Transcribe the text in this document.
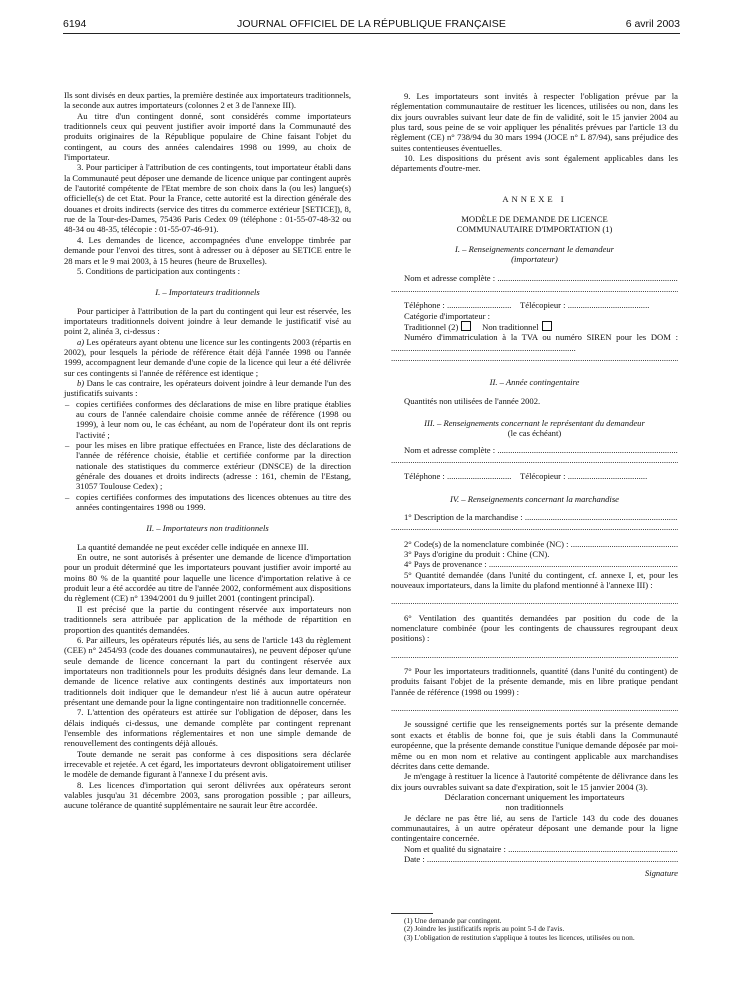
6194	JOURNAL OFFICIEL DE LA RÉPUBLIQUE FRANÇAISE	6 avril 2003

Ils sont divisés en deux parties, la première destinée aux importateurs traditionnels, la seconde aux autres importateurs (colonnes 2 et 3 de l'annexe III).

Au titre d'un contingent donné, sont considérés comme importateurs traditionnels ceux qui peuvent justifier avoir importé dans la Communauté des produits originaires de la République populaire de Chine faisant l'objet du contingent, au cours des années calendaires 1998 ou 1999, au choix de l'importateur.

3. Pour participer à l'attribution de ces contingents, tout importateur établi dans la Communauté peut déposer une demande de licence unique par contingent auprès de l'autorité compétente de l'Etat membre de son choix dans la (ou les) langue(s) officielle(s) de cet Etat. Pour la France, cette autorité est la direction générale des douanes et droits indirects (service des titres du commerce extérieur [SETICE]), 8, rue de la Tour-des-Dames, 75436 Paris Cedex 09 (téléphone : 01-55-07-48-32 ou 48-34 ou 48-35, télécopie : 01-55-07-46-91).

4. Les demandes de licence, accompagnées d'une enveloppe timbrée par demande pour l'envoi des titres, sont à adresser ou à déposer au SETICE entre le 28 mars et le 9 mai 2003, à 15 heures (heure de Bruxelles).

5. Conditions de participation aux contingents :

I. – Importateurs traditionnels

Pour participer à l'attribution de la part du contingent qui leur est réservée, les importateurs traditionnels doivent joindre à leur demande le justificatif visé au point 2, alinéa 3, ci-dessus :

a) Les opérateurs ayant obtenu une licence sur les contingents 2003 (répartis en 2002), pour lesquels la période de référence était déjà l'année 1998 ou l'année 1999, accompagnent leur demande d'une copie de la licence qui leur a été délivrée sur ces contingents si l'année de référence est identique ;

b) Dans le cas contraire, les opérateurs doivent joindre à leur demande l'un des justificatifs suivants :

– copies certifiées conformes des déclarations de mise en libre pratique établies au cours de l'année calendaire choisie comme année de référence (1998 ou 1999), à leur nom ou, le cas échéant, au nom de l'opérateur dont ils ont repris l'activité ;
– pour les mises en libre pratique effectuées en France, liste des déclarations de l'année de référence choisie, établie et certifiée conforme par la direction nationale des statistiques du commerce extérieur (DNSCE) de la direction générale des douanes et droits indirects (adresse : 161, chemin de l'Estang, 31057 Toulouse Cedex) ;
– copies certifiées conformes des imputations des licences obtenues au titre des années contingentaires 1998 ou 1999.

II. – Importateurs non traditionnels

La quantité demandée ne peut excéder celle indiquée en annexe III.

En outre, ne sont autorisés à présenter une demande de licence d'importation pour un produit déterminé que les importateurs pouvant justifier avoir importé au moins 80 % de la quantité pour laquelle une licence d'importation relative à ce produit leur a été accordée au titre de l'année 2002, conformément aux dispositions du règlement (CE) n° 1394/2001 du 9 juillet 2001 (contingent principal).

Il est précisé que la partie du contingent réservée aux importateurs non traditionnels sera attribuée par application de la méthode de répartition en proportion des quantités demandées.

6. Par ailleurs, les opérateurs réputés liés, au sens de l'article 143 du règlement (CEE) n° 2454/93 (code des douanes communautaires), ne peuvent déposer qu'une seule demande de licence concernant la part du contingent réservée aux importateurs non traditionnels pour les produits désignés dans leur demande. La demande de licence relative aux contingents destinés aux importateurs non traditionnels doit indiquer que le demandeur n'est lié à aucun autre opérateur présentant une demande pour la ligne contingentaire non traditionnelle concernée.

7. L'attention des opérateurs est attirée sur l'obligation de déposer, dans les délais indiqués ci-dessus, une demande complète par contingent reprenant l'ensemble des informations réglementaires et non une simple demande de renouvellement des contingents déjà alloués.

Toute demande ne serait pas conforme à ces dispositions sera déclarée irrecevable et rejetée. A cet égard, les importateurs devront obligatoirement utiliser le modèle de demande figurant à l'annexe I du présent avis.

8. Les licences d'importation qui seront délivrées aux opérateurs seront valables jusqu'au 31 décembre 2003, sans prorogation possible ; par ailleurs, aucune tolérance de quantité supplémentaire ne saurait leur être accordée.

9. Les importateurs sont invités à respecter l'obligation prévue par la réglementation communautaire de restituer les licences, utilisées ou non, dans les dix jours ouvrables suivant leur date de fin de validité, soit le 15 janvier 2004 au plus tard, sous peine de se voir appliquer les pénalités prévues par l'article 13 du règlement (CE) n° 738/94 du 30 mars 1994 (JOCE n° L 87/94), sans préjudice des suites contentieuses éventuelles.

10. Les dispositions du présent avis sont également applicables dans les départements d'outre-mer.

ANNEXE I

MODÈLE DE DEMANDE DE LICENCE

COMMUNAUTAIRE D'IMPORTATION (1)

I. – Renseignements concernant le demandeur

(importateur)

Nom et adresse complète : .....

.....

Téléphone : .............................. Télécopieur : ......................................

Catégorie d'importateur :

Traditionnel (2)	Non traditionnel

Numéro d'immatriculation à la TVA ou numéro SIREN pour les DOM : ...................................................................................... .....

II. – Année contingentaire

Quantités non utilisées de l'année 2002.

III. – Renseignements concernant le représentant du demandeur

(le cas échéant)

Nom et adresse complète : .....

.....

Téléphone : .............................. Télécopieur : .....................................

IV. – Renseignements concernant la marchandise

1° Description de la marchandise : .....

.....

2° Code(s) de la nomenclature combinée (NC) : .....

3° Pays d'origine du produit : Chine (CN).

4° Pays de provenance : .....

5° Quantité demandée (dans l'unité du contingent, cf. annexe I, et, pour les nouveaux importateurs, dans la limite du plafond mentionné à l'annexe III) :

.....

6° Ventilation des quantités demandées par position du code de la nomenclature combinée (pour les contingents de chaussures regroupant deux positions) :

.....

7° Pour les importateurs traditionnels, quantité (dans l'unité du contingent) de produits faisant l'objet de la présente demande, mis en libre pratique pendant l'année de référence (1998 ou 1999) :

.....

Je soussigné certifie que les renseignements portés sur la présente demande sont exacts et établis de bonne foi, que je suis établi dans la Communauté européenne, que la présente demande constitue l'unique demande déposée par moi-même ou en mon nom et relative au contingent applicable aux marchandises décrites dans cette demande.

Je m'engage à restituer la licence à l'autorité compétente de délivrance dans les dix jours ouvrables suivant sa date d'expiration, soit le 15 janvier 2004 (3).

Déclaration concernant uniquement les importateurs

non traditionnels

Je déclare ne pas être lié, au sens de l'article 143 du code des douanes communautaires, à un autre opérateur déposant une demande pour la ligne contingentaire concernée.

Nom et qualité du signataire : .....

Date : .....

Signature

(1) Une demande par contingent.

(2) Joindre les justificatifs repris au point 5-I de l'avis.

(3) L'obligation de restitution s'applique à toutes les licences, utilisées ou non.
